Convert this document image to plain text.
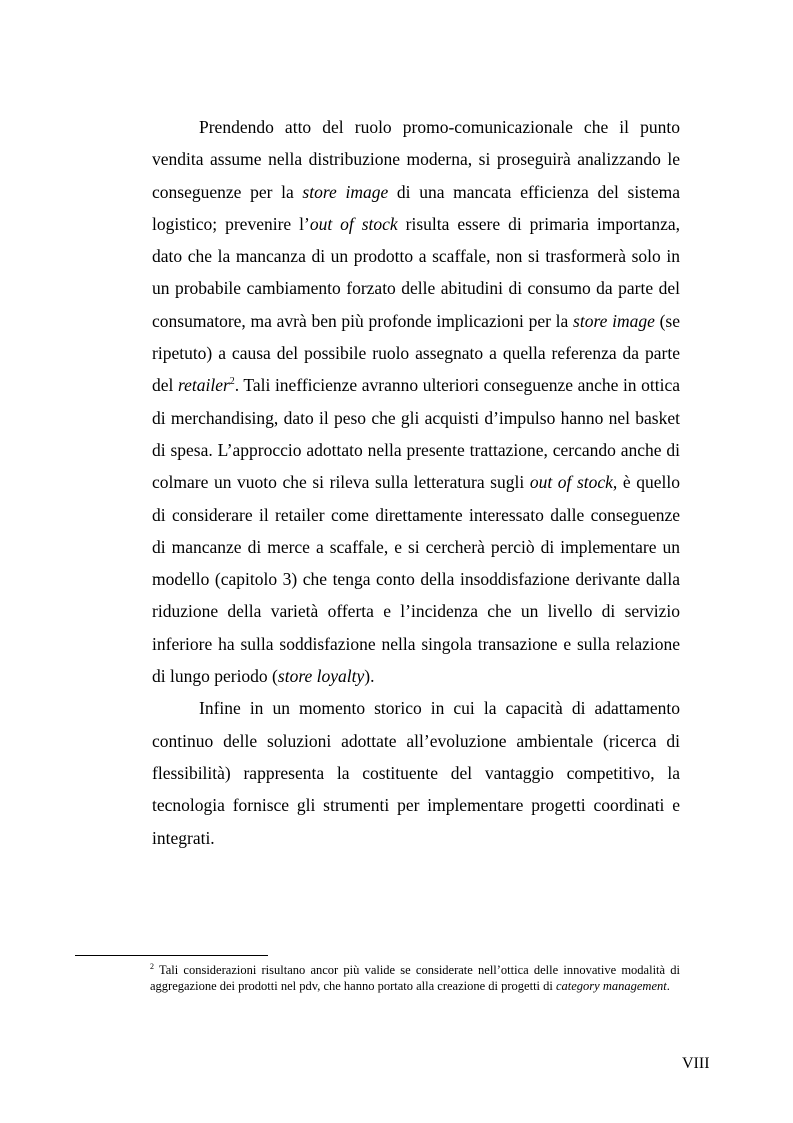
Prendendo atto del ruolo promo-comunicazionale che il punto vendita assume nella distribuzione moderna, si proseguirà analizzando le conseguenze per la store image di una mancata efficienza del sistema logistico; prevenire l’out of stock risulta essere di primaria importanza, dato che la mancanza di un prodotto a scaffale, non si trasformerà solo in un probabile cambiamento forzato delle abitudini di consumo da parte del consumatore, ma avrà ben più profonde implicazioni per la store image (se ripetuto) a causa del possibile ruolo assegnato a quella referenza da parte del retailer$^2$. Tali inefficienze avranno ulteriori conseguenze anche in ottica di merchandising, dato il peso che gli acquisti d’impulso hanno nel basket di spesa. L’approccio adottato nella presente trattazione, cercando anche di colmare un vuoto che si rileva sulla letteratura sugli out of stock, è quello di considerare il retailer come direttamente interessato dalle conseguenze di mancanze di merce a scaffale, e si cercherà perciò di implementare un modello (capitolo 3) che tenga conto della insoddisfazione derivante dalla riduzione della varietà offerta e l’incidenza che un livello di servizio inferiore ha sulla soddisfazione nella singola transazione e sulla relazione di lungo periodo (store loyalty).

Infine in un momento storico in cui la capacità di adattamento continuo delle soluzioni adottate all’evoluzione ambientale (ricerca di flessibilità) rappresenta la costituente del vantaggio competitivo, la tecnologia fornisce gli strumenti per implementare progetti coordinati e integrati.

$^2$ Tali considerazioni risultano ancor più valide se considerate nell’ottica delle innovative modalità di aggregazione dei prodotti nel pdv, che hanno portato alla creazione di progetti di category management.
VIII
